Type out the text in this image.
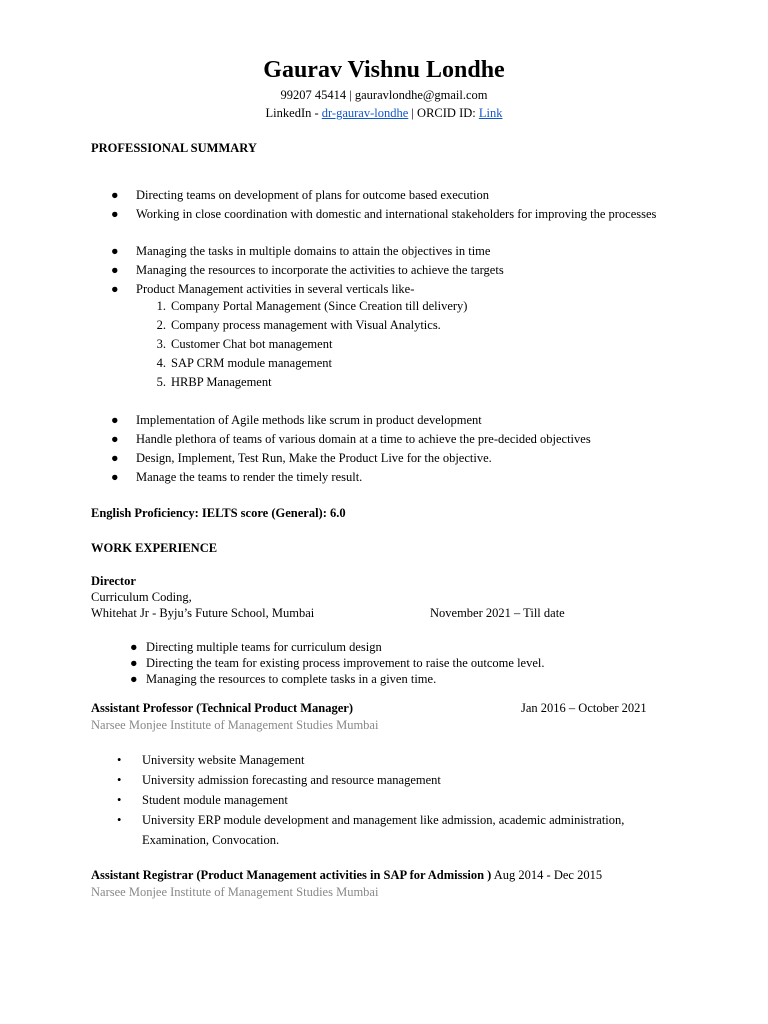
Gaurav Vishnu Londhe
99207 45414 | gauravlondhe@gmail.com
LinkedIn - dr-gaurav-londhe | ORCID ID: Link
PROFESSIONAL SUMMARY
● Directing teams on development of plans for outcome based execution
● Working in close coordination with domestic and international stakeholders for improving the processes
● Managing the tasks in multiple domains to attain the objectives in time
● Managing the resources to incorporate the activities to achieve the targets
● Product Management activities in several verticals like-
1. Company Portal Management (Since Creation till delivery)
2. Company process management with Visual Analytics.
3. Customer Chat bot management
4. SAP CRM module management
5. HRBP Management
● Implementation of Agile methods like scrum in product development
● Handle plethora of teams of various domain at a time to achieve the pre-decided objectives
● Design, Implement, Test Run, Make the Product Live for the objective.
● Manage the teams to render the timely result.
English Proficiency: IELTS score (General): 6.0
WORK EXPERIENCE
Director
Curriculum Coding,
Whitehat Jr - Byju’s Future School, Mumbai	November 2021 – Till date
● Directing multiple teams for curriculum design
● Directing the team for existing process improvement to raise the outcome level.
● Managing the resources to complete tasks in a given time.
Assistant Professor (Technical Product Manager)	Jan 2016 – October 2021
Narsee Monjee Institute of Management Studies Mumbai
• University website Management
• University admission forecasting and resource management
• Student module management
• University ERP module development and management like admission, academic administration, Examination, Convocation.
Assistant Registrar (Product Management activities in SAP for Admission ) Aug 2014 - Dec 2015
Narsee Monjee Institute of Management Studies Mumbai
